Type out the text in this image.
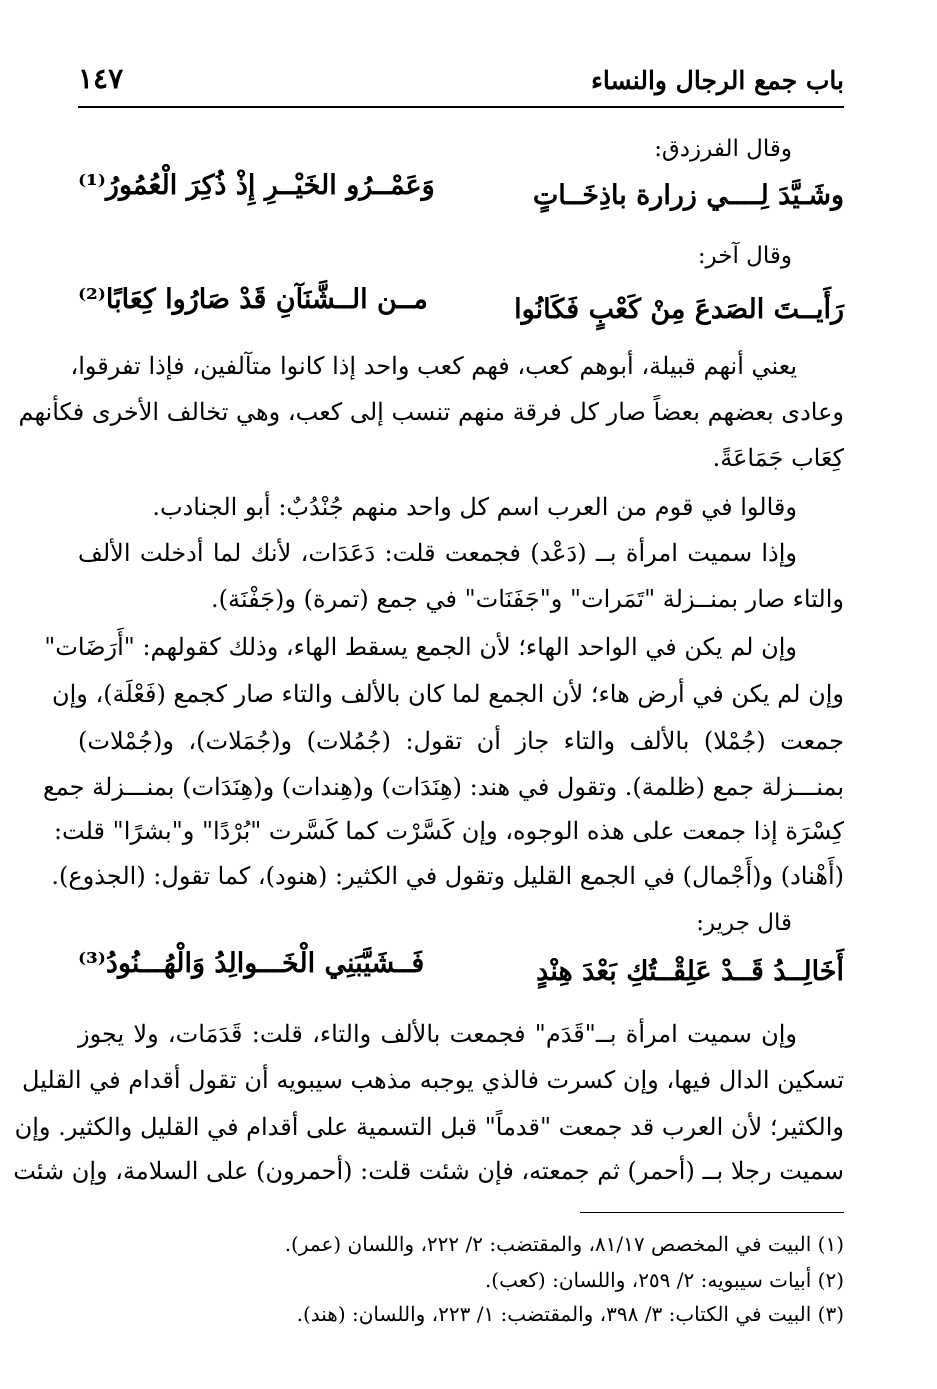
باب جمع الرجال والنساء
١٤٧
وقال الفرزدق:
وشَـيَّدَ لِــــي زرارة باذِخَــاتٍ
وَعَمْــرُو الخَيْــرِ إِذْ ذُكِرَ الْعُمُورُ⁽¹⁾
وقال آخر:
رَأَيــتَ الصَدعَ مِنْ كَعْبٍ فَكَانُوا
مــن الــشَّنَآنِ قَدْ صَارُوا كِعَابًا⁽²⁾
يعني أنهم قبيلة، أبوهم كعب، فهم كعب واحد إذا كانوا متآلفين، فإذا تفرقوا،
وعادى بعضهم بعضاً صار كل فرقة منهم تنسب إلى كعب، وهي تخالف الأخرى فكأنهم
كِعَاب جَمَاعَةً.
وقالوا في قوم من العرب اسم كل واحد منهم جُنْدُبٌ: أبو الجنادب.
وإذا سميت امرأة بــ (دَعْد) فجمعت قلت: دَعَدَات، لأنك لما أدخلت الألف
والتاء صار بمنــزلة "تَمَرات" و"جَفَنَات" في جمع (تمرة) و(جَفْنَة).
وإن لم يكن في الواحد الهاء؛ لأن الجمع يسقط الهاء، وذلك كقولهم: "أَرَضَات"
وإن لم يكن في أرض هاء؛ لأن الجمع لما كان بالألف والتاء صار كجمع (فَعْلَة)، وإن
جمعت (جُمْلا) بالألف والتاء جاز أن تقول: (جُمُلات) و(جُمَلات)، و(جُمْلات)
بمنـــزلة جمع (ظلمة). وتقول في هند: (هِنَدَات) و(هِندات) و(هِنَدَات) بمنـــزلة جمع
كِسْرَة إذا جمعت على هذه الوجوه، وإن كَسَّرْت كما كَسَّرت "بُرْدًا" و"بشرًا" قلت:
(أَهْناد) و(أَجْمال) في الجمع القليل وتقول في الكثير: (هنود)، كما تقول: (الجذوع).
قال جرير:
أَخَالِــدُ قَــدْ عَلِقْــتُكِ بَعْدَ هِنْدٍ
فَــشَيَّبَنِي الْخَـــوالِدُ وَالْهُـــنُودُ⁽³⁾
وإن سميت امرأة بــ"قَدَم" فجمعت بالألف والتاء، قلت: قَدَمَات، ولا يجوز
تسكين الدال فيها، وإن كسرت فالذي يوجبه مذهب سيبويه أن تقول أقدام في القليل
والكثير؛ لأن العرب قد جمعت "قدماً" قبل التسمية على أقدام في القليل والكثير. وإن
سميت رجلا بــ (أحمر) ثم جمعته، فإن شئت قلت: (أحمرون) على السلامة، وإن شئت
(١) البيت في المخصص ٨١/١٧، والمقتضب: ٢/ ٢٢٢، واللسان (عمر).
(٢) أبيات سيبويه: ٢/ ٢٥٩، واللسان: (كعب).
(٣) البيت في الكتاب: ٣/ ٣٩٨، والمقتضب: ١/ ٢٢٣، واللسان: (هند).
